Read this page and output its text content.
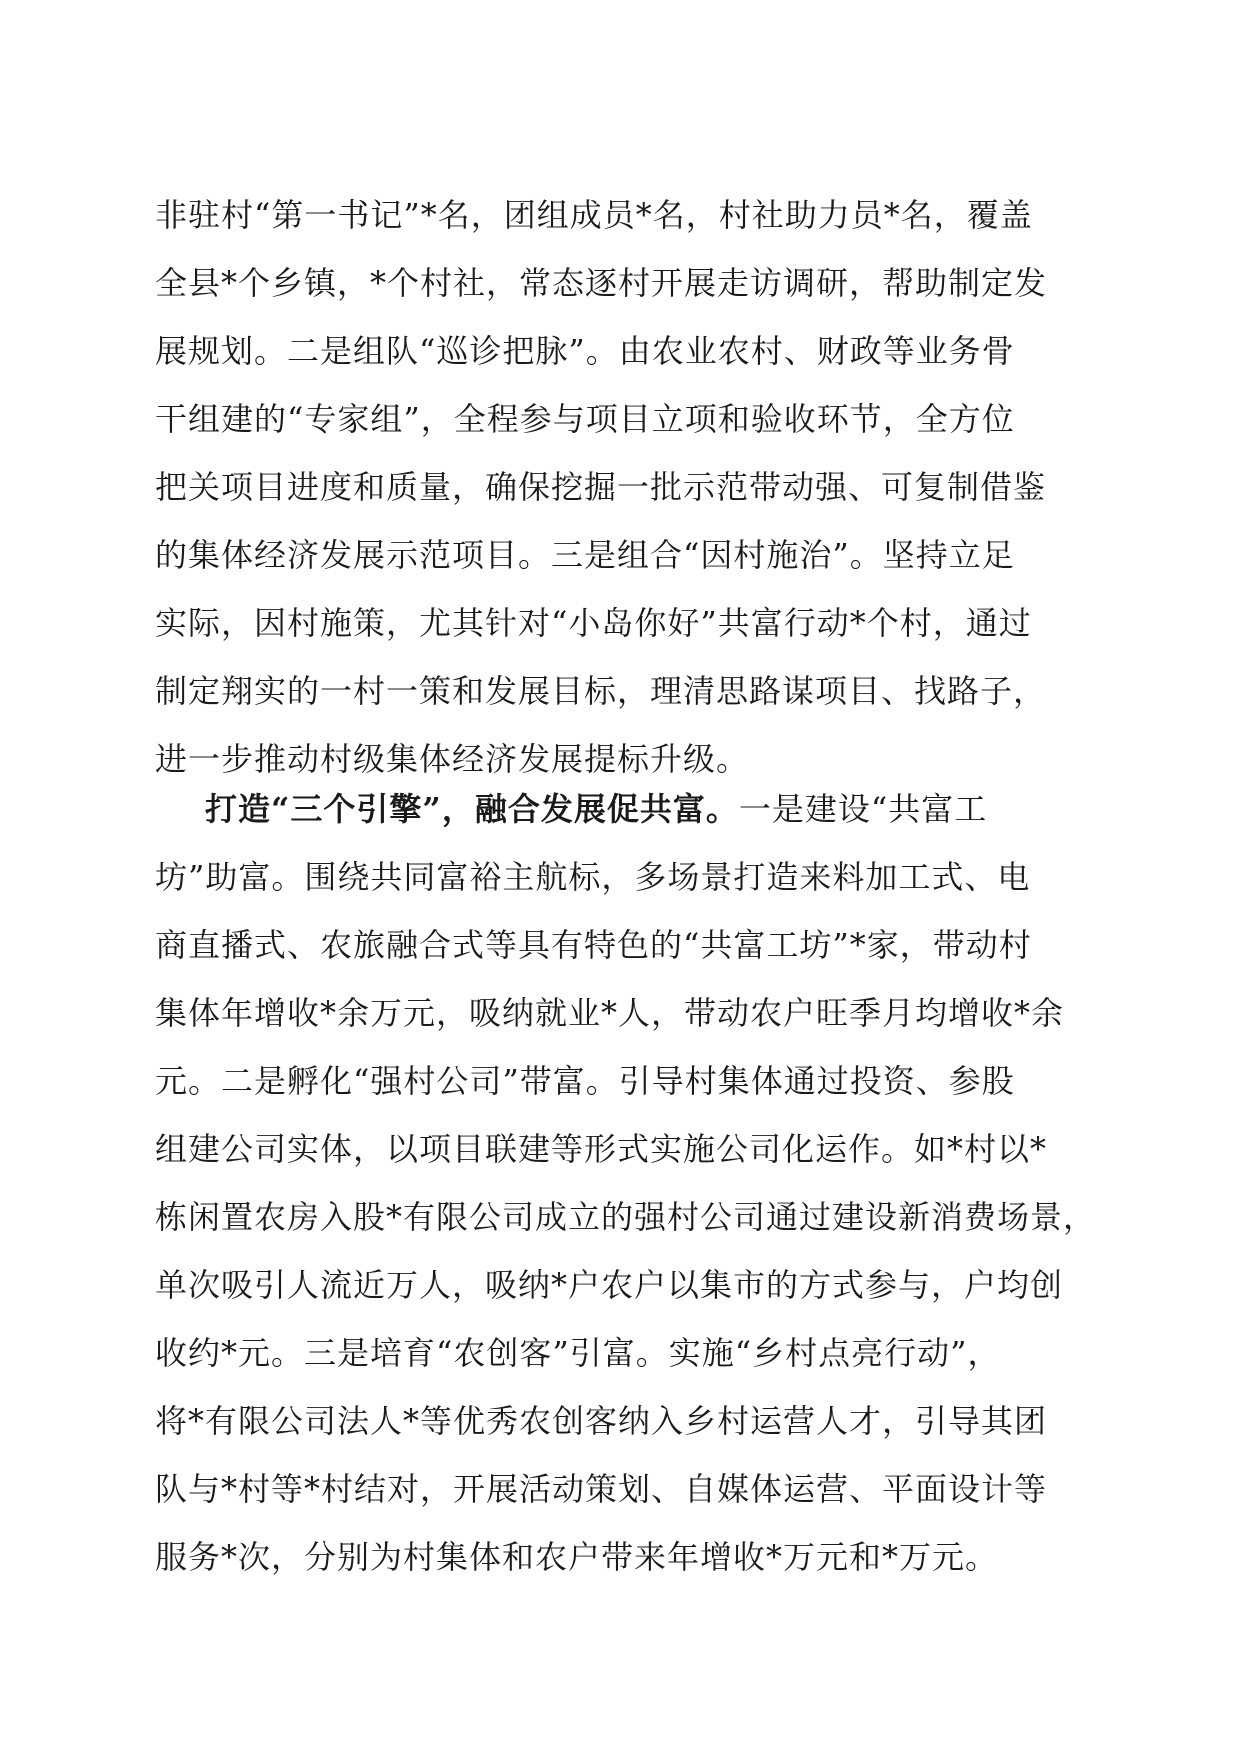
非驻村“第一书记”*名，团组成员*名，村社助力员*名，覆盖
全县*个乡镇，*个村社，常态逐村开展走访调研，帮助制定发
展规划。二是组队“巡诊把脉”。由农业农村、财政等业务骨
干组建的“专家组”，全程参与项目立项和验收环节，全方位
把关项目进度和质量，确保挖掘一批示范带动强、可复制借鉴
的集体经济发展示范项目。三是组合“因村施治”。坚持立足
实际，因村施策，尤其针对“小岛你好”共富行动*个村，通过
制定翔实的一村一策和发展目标，理清思路谋项目、找路子，
进一步推动村级集体经济发展提标升级。
打造“三个引擎”，融合发展促共富。一是建设“共富工
坊”助富。围绕共同富裕主航标，多场景打造来料加工式、电
商直播式、农旅融合式等具有特色的“共富工坊”*家，带动村
集体年增收*余万元，吸纳就业*人，带动农户旺季月均增收*余
元。二是孵化“强村公司”带富。引导村集体通过投资、参股
组建公司实体，以项目联建等形式实施公司化运作。如*村以*
栋闲置农房入股*有限公司成立的强村公司通过建设新消费场景，
单次吸引人流近万人，吸纳*户农户以集市的方式参与，户均创
收约*元。三是培育“农创客”引富。实施“乡村点亮行动”，
将*有限公司法人*等优秀农创客纳入乡村运营人才，引导其团
队与*村等*村结对，开展活动策划、自媒体运营、平面设计等
服务*次，分别为村集体和农户带来年增收*万元和*万元。
